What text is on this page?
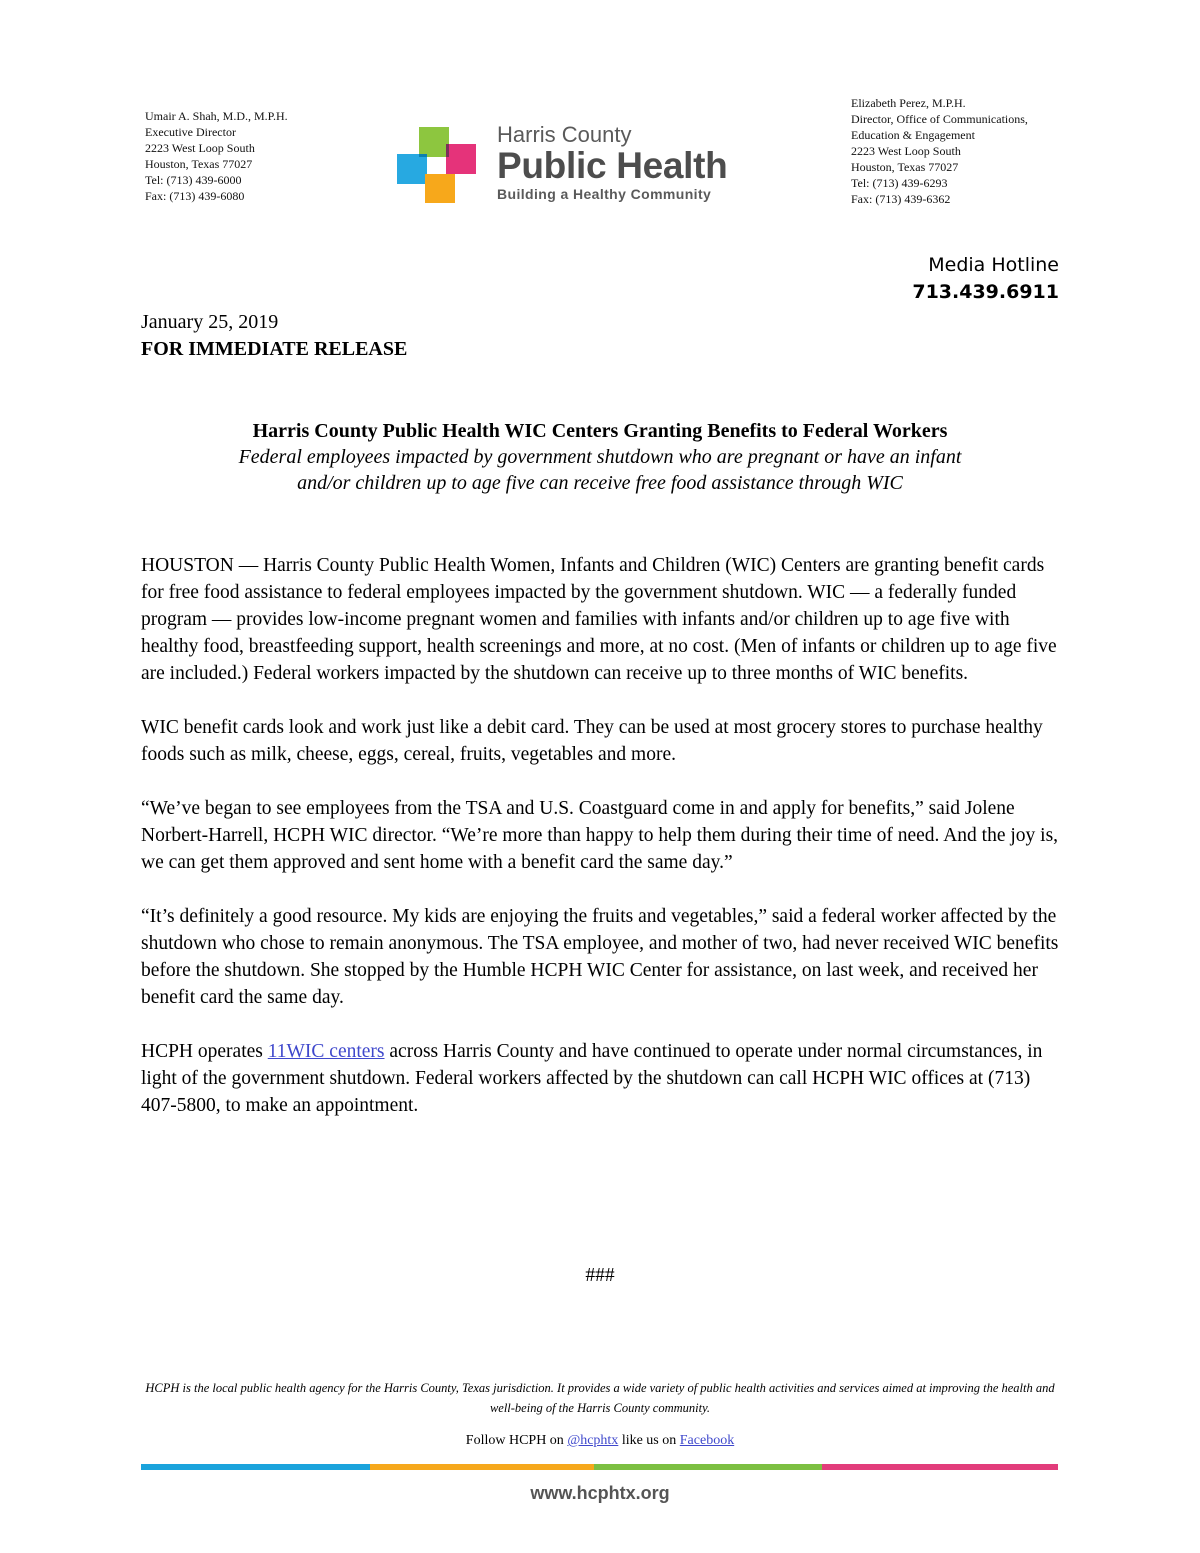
Umair A. Shah, M.D., M.P.H.
Executive Director
2223 West Loop South
Houston, Texas 77027
Tel: (713) 439-6000
Fax: (713) 439-6080
Harris County
Public Health
Building a Healthy Community
Elizabeth Perez, M.P.H.
Director, Office of Communications,
Education & Engagement
2223 West Loop South
Houston, Texas 77027
Tel: (713) 439-6293
Fax: (713) 439-6362
Media Hotline
713.439.6911
January 25, 2019
FOR IMMEDIATE RELEASE
Harris County Public Health WIC Centers Granting Benefits to Federal Workers
Federal employees impacted by government shutdown who are pregnant or have an infant
and/or children up to age five can receive free food assistance through WIC

HOUSTON — Harris County Public Health Women, Infants and Children (WIC) Centers are granting benefit cards for free food assistance to federal employees impacted by the government shutdown. WIC — a federally funded program — provides low-income pregnant women and families with infants and/or children up to age five with healthy food, breastfeeding support, health screenings and more, at no cost. (Men of infants or children up to age five are included.) Federal workers impacted by the shutdown can receive up to three months of WIC benefits.

WIC benefit cards look and work just like a debit card. They can be used at most grocery stores to purchase healthy foods such as milk, cheese, eggs, cereal, fruits, vegetables and more.

“We’ve began to see employees from the TSA and U.S. Coastguard come in and apply for benefits,” said Jolene Norbert-Harrell, HCPH WIC director. “We’re more than happy to help them during their time of need. And the joy is, we can get them approved and sent home with a benefit card the same day.”

“It’s definitely a good resource. My kids are enjoying the fruits and vegetables,” said a federal worker affected by the shutdown who chose to remain anonymous. The TSA employee, and mother of two, had never received WIC benefits before the shutdown. She stopped by the Humble HCPH WIC Center for assistance, on last week, and received her benefit card the same day.

HCPH operates 11WIC centers across Harris County and have continued to operate under normal circumstances, in light of the government shutdown. Federal workers affected by the shutdown can call HCPH WIC offices at (713) 407-5800, to make an appointment.

###
HCPH is the local public health agency for the Harris County, Texas jurisdiction. It provides a wide variety of public health activities and services aimed at improving the health and well-being of the Harris County community.
Follow HCPH on @hcphtx like us on Facebook
www.hcphtx.org
